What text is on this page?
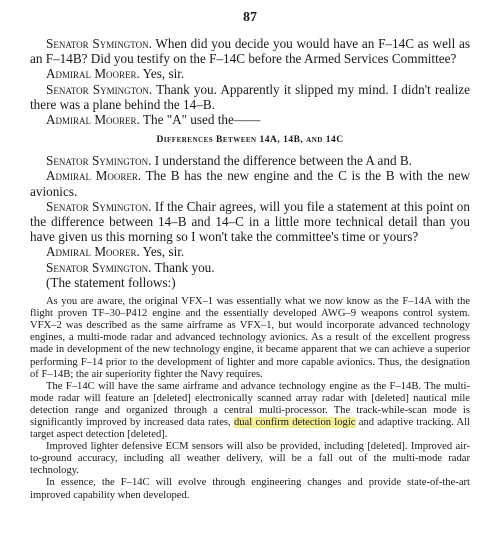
87

Senator Symington. When did you decide you would have an F–14C as well as an F–14B? Did you testify on the F–14C before the Armed Services Committee?

Admiral Moorer. Yes, sir.

Senator Symington. Thank you. Apparently it slipped my mind. I didn't realize there was a plane behind the 14–B.

Admiral Moorer. The "A" used the——

Differences Between 14A, 14B, and 14C

Senator Symington. I understand the difference between the A and B.

Admiral Moorer. The B has the new engine and the C is the B with the new avionics.

Senator Symington. If the Chair agrees, will you file a statement at this point on the difference between 14–B and 14–C in a little more technical detail than you have given us this morning so I won't take the committee's time or yours?

Admiral Moorer. Yes, sir.

Senator Symington. Thank you.

(The statement follows:)

As you are aware, the original VFX–1 was essentially what we now know as the F–14A with the flight proven TF–30–P412 engine and the essentially developed AWG–9 weapons control system. VFX–2 was described as the same airframe as VFX–1, but would incorporate advanced technology engines, a multi-mode radar and advanced technology avionics. As a result of the excellent progress made in development of the new technology engine, it became apparent that we can achieve a superior performing F–14 prior to the development of lighter and more capable avionics. Thus, the designation of F–14B; the air superiority fighter the Navy requires.

The F–14C will have the same airframe and advance technology engine as the F–14B. The multi-mode radar will feature an [deleted] electronically scanned array radar with [deleted] nautical mile detection range and organized through a central multi-processor. The track-while-scan mode is significantly improved by increased data rates, dual confirm detection logic and adaptive tracking. All target aspect detection [deleted].

Improved lighter defensive ECM sensors will also be provided, including [deleted]. Improved air-to-ground accuracy, including all weather delivery, will be a fall out of the multi-mode radar technology.

In essence, the F–14C will evolve through engineering changes and provide state-of-the-art improved capability when developed.
